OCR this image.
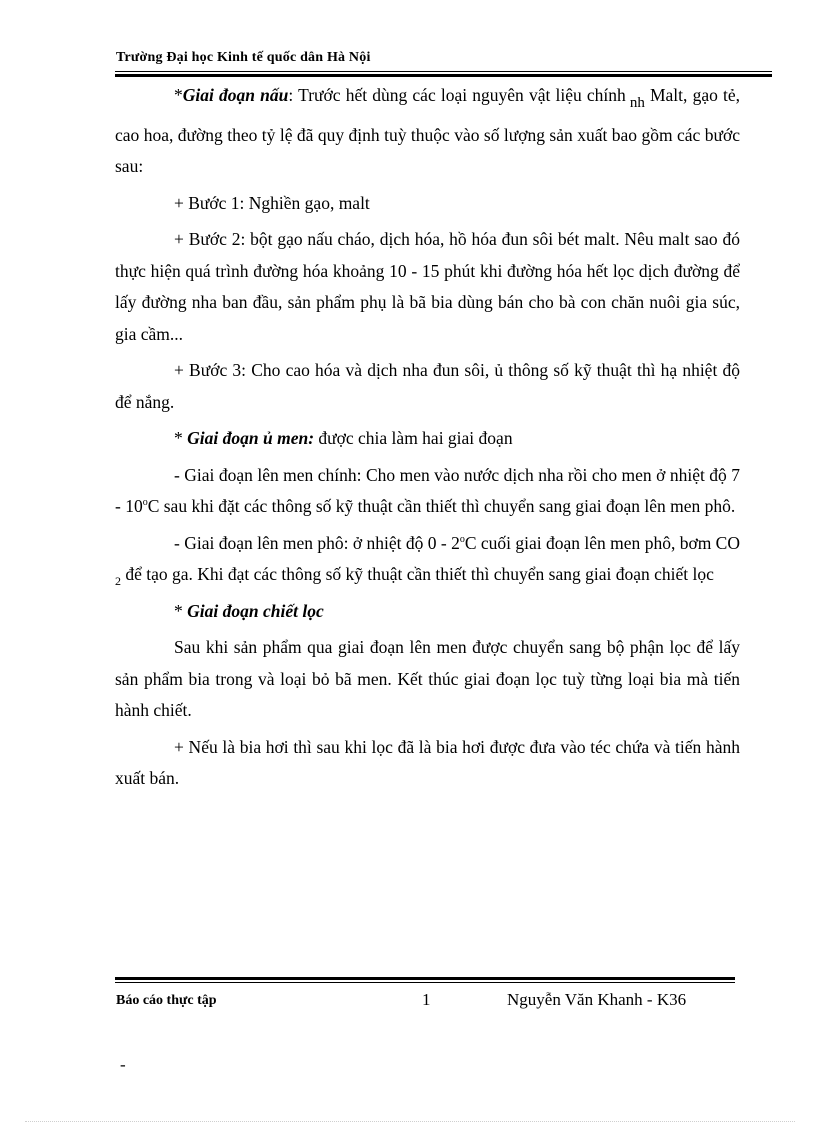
Trường Đại học Kinh tế quốc dân Hà Nội

*Giai đoạn nấu: Trước hết dùng các loại nguyên vật liệu chính nh Malt, gạo tẻ, cao hoa, đường theo tỷ lệ đã quy định tuỳ thuộc vào số lượng sản xuất bao gồm các bước sau:

+ Bước 1: Nghiền gạo, malt

+ Bước 2: bột gạo nấu cháo, dịch hóa, hồ hóa đun sôi bét malt. Nêu malt sao đó thực hiện quá trình đường hóa khoảng 10 - 15 phút khi đường hóa hết lọc dịch đường để lấy đường nha ban đầu, sản phẩm phụ là bã bia dùng bán cho bà con chăn nuôi gia súc, gia cầm...

+ Bước 3: Cho cao hóa và dịch nha đun sôi, ủ thông số kỹ thuật thì hạ nhiệt độ để nắng.

* Giai đoạn ủ men: được chia làm hai giai đoạn

- Giai đoạn lên men chính: Cho men vào nước dịch nha rồi cho men ở nhiệt độ 7 - 10$^o$C sau khi đặt các thông số kỹ thuật cần thiết thì chuyển sang giai đoạn lên men phô.

- Giai đoạn lên men phô: ở nhiệt độ 0 - 2$^o$C cuối giai đoạn lên men phô, bơm CO $_2$ để tạo ga. Khi đạt các thông số kỹ thuật cần thiết thì chuyển sang giai đoạn chiết lọc

* Giai đoạn chiết lọc

Sau khi sản phẩm qua giai đoạn lên men được chuyển sang bộ phận lọc để lấy sản phẩm bia trong và loại bỏ bã men. Kết thúc giai đoạn lọc tuỳ từng loại bia mà tiến hành chiết.

+ Nếu là bia hơi thì sau khi lọc đã là bia hơi được đưa vào téc chứa và tiến hành xuất bán.

Báo cáo thực tập	1	Nguyễn Văn Khanh - K36
-
